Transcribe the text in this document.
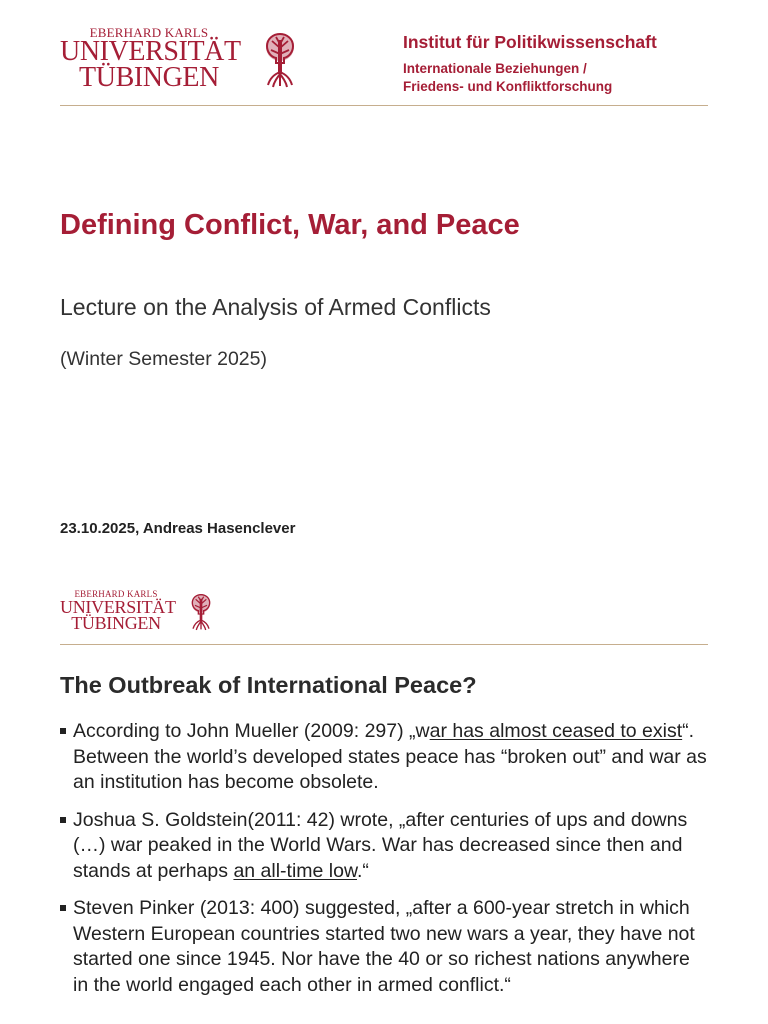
EBERHARD KARLS
UNIVERSITÄT
TÜBINGEN
Institut für Politikwissenschaft
Internationale Beziehungen /
Friedens- und Konfliktforschung
Defining Conflict, War, and Peace
Lecture on the Analysis of Armed Conflicts
(Winter Semester 2025)
23.10.2025, Andreas Hasenclever
EBERHARD KARLS
UNIVERSITÄT
TÜBINGEN
The Outbreak of International Peace?
According to John Mueller (2009: 297) „war has almost ceased to exist“. Between the world’s developed states peace has “broken out” and war as an institution has become obsolete.
Joshua S. Goldstein(2011: 42) wrote, „after centuries of ups and downs (…) war peaked in the World Wars. War has decreased since then and stands at perhaps an all-time low.“
Steven Pinker (2013: 400) suggested, „after a 600-year stretch in which Western European countries started two new wars a year, they have not started one since 1945. Nor have the 40 or so richest nations anywhere in the world engaged each other in armed conflict.“
